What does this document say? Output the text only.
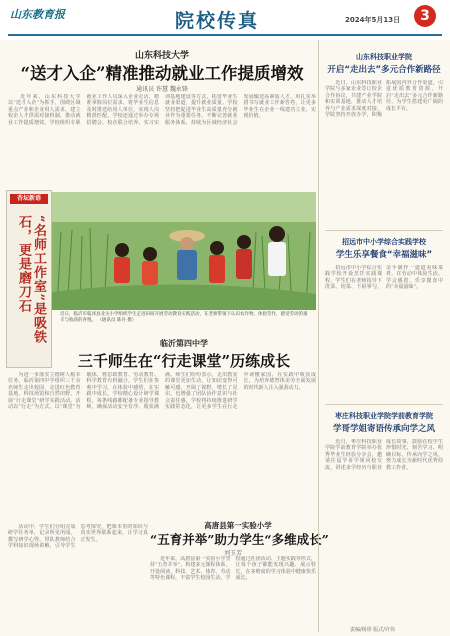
山东教育报	院校传真	2024年5月13日	3
山东科技大学
“送才入企”精准推动就业工作提质增效
通讯员 许慧 魏永锋
　　近年来，山东科技大学以“送才入企”为抓手，围绕区域重点产业和企业用人需求，建立校企人才供需对接机制，推动就业工作提质增效。学校组织专职就业工作人员深入企业走访，精准掌握岗位需求，将毕业生信息及时推送给用人单位，实现人岗精准匹配。学校还通过举办专场招聘会、校企联合培养、实习实训基地建设等方式，拓宽毕业生就业渠道，提升就业质量。学校坚持把促进毕业生高质量充分就业作为重要任务，不断完善就业服务体系，持续为区域经济社会发展输送高素质人才，用扎实举措书写就业工作新答卷，让更多毕业生在企业一线建功立业、实现价值。
杏坛新语
“名师工作室”是吸铁石，更是磨刀石
近日，临沂市临沭县北关小学组织学生走进田间开展劳动教育实践活动，在老师带领下认识农作物、体验劳作，感受劳动的艰辛与收获的喜悦。 （通讯员 陈丹 摄）
临沂第四中学
三千师生在“行走课堂”历练成长
　　为进一步落实立德树人根本任务，临沂第四中学组织三千余名师生走出校园，走进红色教育基地、科技场馆和自然田野，开展“行走课堂”研学实践活动。活动以“行走”为方式，以“课堂”为载体，将思政教育、劳动教育、科学教育有机融合。学生们在参观中学习，在体验中感悟，在实践中成长。学校精心设计研学课程，每条线路都配备专业指导教师，确保活动安全有序、收获满满。师生们纷纷表示，走出教室的课堂更加生动，让知识变得可触可感，开阔了视野，增长了见识，也增强了团队协作意识与社会责任感。学校将持续推进研学实践常态化，让更多学生在行走中读懂家国、在实践中收获成长，为培养德智体美劳全面发展的时代新人注入强劲动力。
高唐县第一实验小学
“五育并举”助力学生“多维成长”
刘玉芳
　　活动中，学生们分组完成研学任务单，记录所见所闻，撰写研学心得。带队教师结合学科知识现场讲解，引导学生思考探究，把课本里的知识与真实世界联系起来，让学习真正发生。
　　近年来，高唐县第一实验小学坚持“五育并举”，构建多元课程体系，开设阅读、科技、艺术、体育、劳动等特色课程，丰富学生校园生活。学校通过社团活动、主题实践等形式，让每个孩子都能发现兴趣、展示特长，在多维度的学习体验中健康快乐成长。
山东科技职业学院
开启“走出去”多元合作新路径
　　近日，山东科技职业学院与多家企业签订校企合作协议，共建产业学院和实训基地，推动人才培养与产业需求深度对接。学院坚持开放办学，积极拓展国内外合作渠道，引进优质教育资源，开启“走出去”多元合作新路径，为学生搭建更广阔的成长平台。
招远市中小学综合实践学校
学生乐享餐食“幸福滋味”
　　招远市中小学综合实践学校开设烹饪实践课程，学生们在老师指导下洗菜、切菜、下厨掌勺，亲手制作一道道美味菜肴。在劳动中体验生活、学会感恩，乐享餐食中的“幸福滋味”。
枣庄科技职业学院学前教育学院
学哥学姐寄语传承向学之风
　　近日，枣庄科技职业学院学前教育学院举办优秀毕业生经验分享会，邀请往届学哥学姐回校交流，讲述求学经历与职业成长故事，鼓励在校学生珍惜时光、刻苦学习、明确目标，传承向学之风，努力成长为新时代优秀幼教工作者。
责编/杨彤 版式/许伟
